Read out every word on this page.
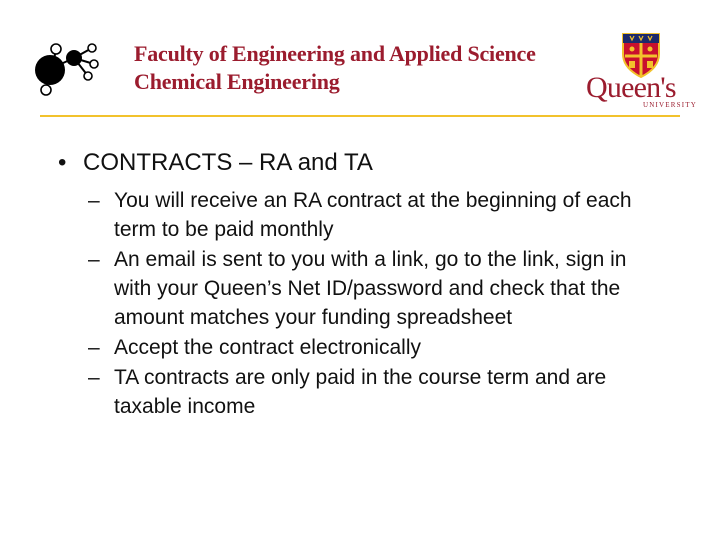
Faculty of Engineering and Applied Science
Chemical Engineering	Queen's
UNIVERSITY
• CONTRACTS – RA and TA
– You will receive an RA contract at the beginning of each term to be paid monthly
– An email is sent to you with a link, go to the link, sign in with your Queen’s Net ID/password and check that the amount matches your funding spreadsheet
– Accept the contract electronically
– TA contracts are only paid in the course term and are taxable income
